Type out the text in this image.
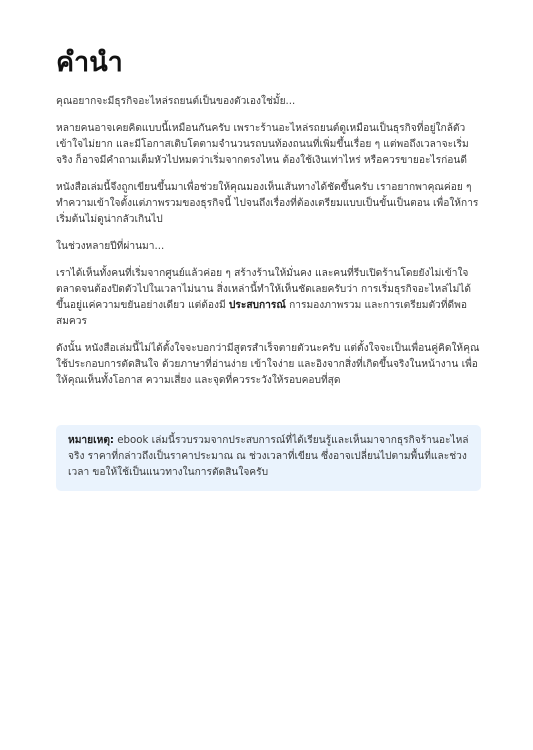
คำนำ

คุณอยากจะมีธุรกิจอะไหล่รถยนต์เป็นของตัวเองใช่มั้ย...

หลายคนอาจเคยคิดแบบนี้เหมือนกันครับ เพราะร้านอะไหล่รถยนต์ดูเหมือนเป็นธุรกิจที่อยู่ใกล้ตัว เข้าใจไม่ยาก และมีโอกาสเติบโตตามจำนวนรถบนท้องถนนที่เพิ่มขึ้นเรื่อย ๆ แต่พอถึงเวลาจะเริ่มจริง ก็อาจมีคำถามเต็มหัวไปหมดว่าเริ่มจากตรงไหน ต้องใช้เงินเท่าไหร่ หรือควรขายอะไรก่อนดี

หนังสือเล่มนี้จึงถูกเขียนขึ้นมาเพื่อช่วยให้คุณมองเห็นเส้นทางได้ชัดขึ้นครับ เราอยากพาคุณค่อย ๆ ทำความเข้าใจตั้งแต่ภาพรวมของธุรกิจนี้ ไปจนถึงเรื่องที่ต้องเตรียมแบบเป็นขั้นเป็นตอน เพื่อให้การเริ่มต้นไม่ดูน่ากลัวเกินไป

ในช่วงหลายปีที่ผ่านมา...

เราได้เห็นทั้งคนที่เริ่มจากศูนย์แล้วค่อย ๆ สร้างร้านให้มั่นคง และคนที่รีบเปิดร้านโดยยังไม่เข้าใจตลาดจนต้องปิดตัวไปในเวลาไม่นาน สิ่งเหล่านี้ทำให้เห็นชัดเลยครับว่า การเริ่มธุรกิจอะไหล่ไม่ได้ขึ้นอยู่แค่ความขยันอย่างเดียว แต่ต้องมี ประสบการณ์ การมองภาพรวม และการเตรียมตัวที่ดีพอสมควร

ดังนั้น หนังสือเล่มนี้ไม่ได้ตั้งใจจะบอกว่ามีสูตรสำเร็จตายตัวนะครับ แต่ตั้งใจจะเป็นเพื่อนคู่คิดให้คุณใช้ประกอบการตัดสินใจ ด้วยภาษาที่อ่านง่าย เข้าใจง่าย และอิงจากสิ่งที่เกิดขึ้นจริงในหน้างาน เพื่อให้คุณเห็นทั้งโอกาส ความเสี่ยง และจุดที่ควรระวังให้รอบคอบที่สุด

หมายเหตุ: ebook เล่มนี้รวบรวมจากประสบการณ์ที่ได้เรียนรู้และเห็นมาจากธุรกิจร้านอะไหล่จริง ราคาที่กล่าวถึงเป็นราคาประมาณ ณ ช่วงเวลาที่เขียน ซึ่งอาจเปลี่ยนไปตามพื้นที่และช่วงเวลา ขอให้ใช้เป็นแนวทางในการตัดสินใจครับ
